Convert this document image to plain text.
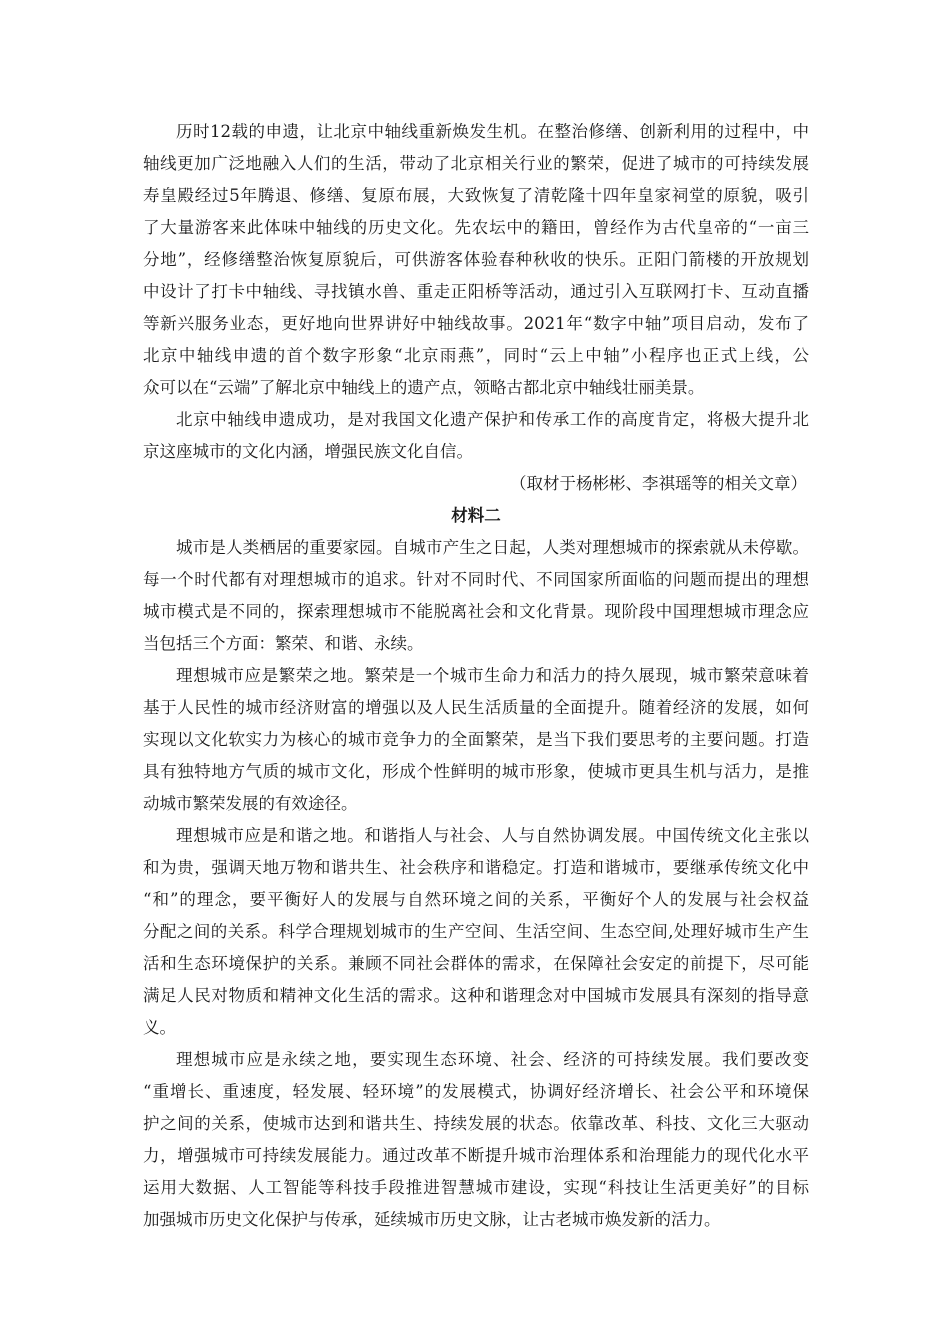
历时12载的申遗，让北京中轴线重新焕发生机。在整治修缮、创新利用的过程中，中
轴线更加广泛地融入人们的生活，带动了北京相关行业的繁荣，促进了城市的可持续发展
寿皇殿经过5年腾退、修缮、复原布展，大致恢复了清乾隆十四年皇家祠堂的原貌，吸引
了大量游客来此体味中轴线的历史文化。先农坛中的籍田，曾经作为古代皇帝的“一亩三
分地”，经修缮整治恢复原貌后，可供游客体验春种秋收的快乐。正阳门箭楼的开放规划
中设计了打卡中轴线、寻找镇水兽、重走正阳桥等活动，通过引入互联网打卡、互动直播
等新兴服务业态，更好地向世界讲好中轴线故事。2021年“数字中轴”项目启动，发布了
北京中轴线申遗的首个数字形象“北京雨燕”，同时“云上中轴”小程序也正式上线，公
众可以在“云端”了解北京中轴线上的遗产点，领略古都北京中轴线壮丽美景。
北京中轴线申遗成功，是对我国文化遗产保护和传承工作的高度肯定，将极大提升北
京这座城市的文化内涵，增强民族文化自信。
（取材于杨彬彬、李祺瑶等的相关文章）
材料二
城市是人类栖居的重要家园。自城市产生之日起，人类对理想城市的探索就从未停歇。
每一个时代都有对理想城市的追求。针对不同时代、不同国家所面临的问题而提出的理想
城市模式是不同的，探索理想城市不能脱离社会和文化背景。现阶段中国理想城市理念应
当包括三个方面：繁荣、和谐、永续。
理想城市应是繁荣之地。繁荣是一个城市生命力和活力的持久展现，城市繁荣意味着
基于人民性的城市经济财富的增强以及人民生活质量的全面提升。随着经济的发展，如何
实现以文化软实力为核心的城市竞争力的全面繁荣，是当下我们要思考的主要问题。打造
具有独特地方气质的城市文化，形成个性鲜明的城市形象，使城市更具生机与活力，是推
动城市繁荣发展的有效途径。
理想城市应是和谐之地。和谐指人与社会、人与自然协调发展。中国传统文化主张以
和为贵，强调天地万物和谐共生、社会秩序和谐稳定。打造和谐城市，要继承传统文化中
“和”的理念，要平衡好人的发展与自然环境之间的关系，平衡好个人的发展与社会权益
分配之间的关系。科学合理规划城市的生产空间、生活空间、生态空间,处理好城市生产生
活和生态环境保护的关系。兼顾不同社会群体的需求，在保障社会安定的前提下，尽可能
满足人民对物质和精神文化生活的需求。这种和谐理念对中国城市发展具有深刻的指导意
义。
理想城市应是永续之地，要实现生态环境、社会、经济的可持续发展。我们要改变
“重增长、重速度，轻发展、轻环境”的发展模式，协调好经济增长、社会公平和环境保
护之间的关系，使城市达到和谐共生、持续发展的状态。依靠改革、科技、文化三大驱动
力，增强城市可持续发展能力。通过改革不断提升城市治理体系和治理能力的现代化水平
运用大数据、人工智能等科技手段推进智慧城市建设，实现“科技让生活更美好”的目标
加强城市历史文化保护与传承，延续城市历史文脉，让古老城市焕发新的活力。
